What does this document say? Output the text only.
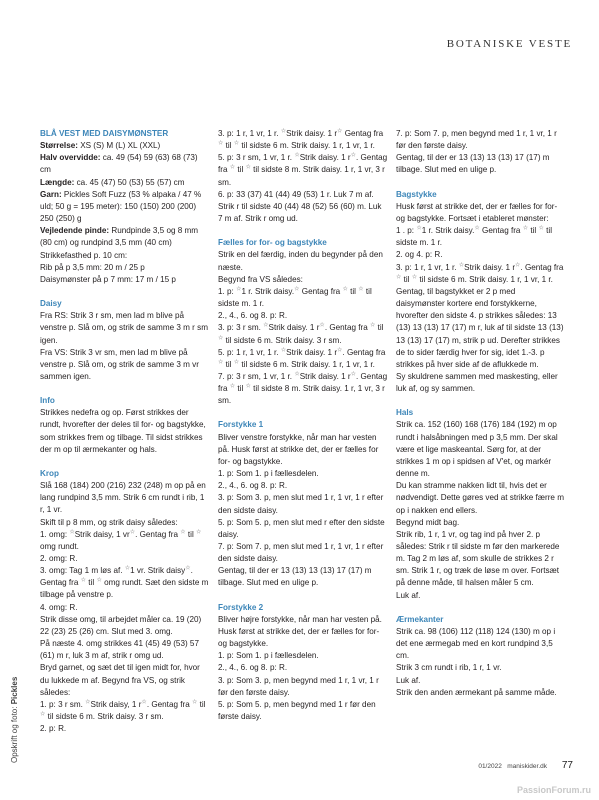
BOTANISKE VESTE
BLÅ VEST MED DAISYMØNSTER

Størrelse: XS (S) M (L) XL (XXL)

Halv overvidde: ca. 49 (54) 59 (63) 68 (73) cm

Længde: ca. 45 (47) 50 (53) 55 (57) cm

Garn: Pickles Soft Fuzz (53 % alpaka / 47 % uld; 50 g = 195 meter): 150 (150) 200 (200) 250 (250) g

Vejledende pinde: Rundpinde 3,5 og 8 mm (80 cm) og rundpind 3,5 mm (40 cm)

Strikkefasthed p. 10 cm:

Rib på p 3,5 mm: 20 m / 25 p

Daisymønster på p 7 mm: 17 m / 15 p

Daisy

Fra RS: Strik 3 r sm, men lad m blive på venstre p. Slå om, og strik de samme 3 m r sm igen.

Fra VS: Strik 3 vr sm, men lad m blive på venstre p. Slå om, og strik de samme 3 m vr sammen igen.

Info

Strikkes nedefra og op. Først strikkes der rundt, hvorefter der deles til for- og bagstykke, som strikkes frem og tilbage. Til sidst strikkes der m op til ærmekanter og hals.

Krop

Slå 168 (184) 200 (216) 232 (248) m op på en lang rundpind 3,5 mm. Strik 6 cm rundt i rib, 1 r, 1 vr.

Skift til p 8 mm, og strik daisy således:

1. omg: ☆Strik daisy, 1 vr☆. Gentag fra ☆ til ☆ omg rundt.

2. omg: R.

3. omg: Tag 1 m løs af. ☆1 vr. Strik daisy☆. Gentag fra ☆ til ☆ omg rundt. Sæt den sidste m tilbage på venstre p.

4. omg: R.

Strik disse omg, til arbejdet måler ca. 19 (20) 22 (23) 25 (26) cm. Slut med 3. omg.

På næste 4. omg strikkes 41 (45) 49 (53) 57 (61) m r, luk 3 m af, strik r omg ud.

Bryd garnet, og sæt det til igen midt for, hvor du lukkede m af. Begynd fra VS, og strik således:

1. p: 3 r sm. ☆Strik daisy, 1 r☆. Gentag fra ☆ til ☆ til sidste 6 m. Strik daisy. 3 r sm.

2. p: R.

3. p: 1 r, 1 vr, 1 r. ☆Strik daisy. 1 r☆ Gentag fra ☆ til ☆ til sidste 6 m. Strik daisy. 1 r, 1 vr, 1 r.

5. p: 3 r sm, 1 vr, 1 r. ☆Strik daisy. 1 r☆. Gentag fra ☆ til ☆ til sidste 8 m. Strik daisy. 1 r, 1 vr, 3 r sm.

6. p: 33 (37) 41 (44) 49 (53) 1 r. Luk 7 m af. Strik r til sidste 40 (44) 48 (52) 56 (60) m. Luk 7 m af. Strik r omg ud.

Fælles for for- og bagstykke

Strik en del færdig, inden du begynder på den næste.

Begynd fra VS således:

1. p: ☆1 r. Strik daisy.☆ Gentag fra ☆ til ☆ til sidste m. 1 r.

2., 4., 6. og 8. p: R.

3. p: 3 r sm. ☆Strik daisy. 1 r☆. Gentag fra ☆ til ☆ til sidste 6 m. Strik daisy. 3 r sm.

5. p: 1 r, 1 vr, 1 r. ☆Strik daisy. 1 r☆. Gentag fra ☆ til ☆ til sidste 6 m. Strik daisy. 1 r, 1 vr, 1 r.

7. p: 3 r sm, 1 vr, 1 r. ☆Strik daisy. 1 r☆. Gentag fra ☆ til ☆ til sidste 8 m. Strik daisy. 1 r, 1 vr, 3 r sm.

Forstykke 1

Bliver venstre forstykke, når man har vesten på. Husk først at strikke det, der er fælles for for- og bagstykke.

1. p: Som 1. p i fællesdelen.

2., 4., 6. og 8. p: R.

3. p: Som 3. p, men slut med 1 r, 1 vr, 1 r efter den sidste daisy.

5. p: Som 5. p, men slut med r efter den sidste daisy.

7. p: Som 7. p, men slut med 1 r, 1 vr, 1 r efter den sidste daisy.

Gentag, til der er 13 (13) 13 (13) 17 (17) m tilbage. Slut med en ulige p.

Forstykke 2

Bliver højre forstykke, når man har vesten på. Husk først at strikke det, der er fælles for for- og bagstykke.

1. p: Som 1. p i fællesdelen.

2., 4., 6. og 8. p: R.

3. p: Som 3. p, men begynd med 1 r, 1 vr, 1 r før den første daisy.

5. p: Som 5. p, men begynd med 1 r før den første daisy.

7. p: Som 7. p, men begynd med 1 r, 1 vr, 1 r før den første daisy.

Gentag, til der er 13 (13) 13 (13) 17 (17) m tilbage. Slut med en ulige p.

Bagstykke

Husk først at strikke det, der er fælles for for- og bagstykke. Fortsæt i etableret mønster:

1 . p: ☆1 r. Strik daisy.☆ Gentag fra ☆ til ☆ til sidste m. 1 r.

2. og 4. p: R.

3. p: 1 r, 1 vr, 1 r. ☆Strik daisy. 1 r☆. Gentag fra ☆ til ☆ til sidste 6 m. Strik daisy. 1 r, 1 vr, 1 r.

Gentag, til bagstykket er 2 p med daisymønster kortere end forstykkerne, hvorefter den sidste 4. p strikkes således: 13 (13) 13 (13) 17 (17) m r, luk af til sidste 13 (13) 13 (13) 17 (17) m, strik p ud. Derefter strikkes de to sider færdig hver for sig, idet 1.-3. p strikkes på hver side af de aflukkede m.

Sy skuldrene sammen med maskesting, eller luk af, og sy sammen.

Hals

Strik ca. 152 (160) 168 (176) 184 (192) m op rundt i halsåbningen med p 3,5 mm. Der skal være et lige maskeantal. Sørg for, at der strikkes 1 m op i spidsen af V'et, og markér denne m.

Du kan stramme nakken lidt til, hvis det er nødvendigt. Dette gøres ved at strikke færre m op i nakken end ellers.

Begynd midt bag.

Strik rib, 1 r, 1 vr, og tag ind på hver 2. p således: Strik r til sidste m før den markerede m. Tag 2 m løs af, som skulle de strikkes 2 r sm. Strik 1 r, og træk de løse m over. Fortsæt på denne måde, til halsen måler 5 cm.

Luk af.

Ærmekanter

Strik ca. 98 (106) 112 (118) 124 (130) m op i det ene ærmegab med en kort rundpind 3,5 cm.

Strik 3 cm rundt i rib, 1 r, 1 vr.

Luk af.

Strik den anden ærmekant på samme måde.

Opskrift og foto: Pickles
01/2022 maniskider.dk 77
PassionForum.ru
